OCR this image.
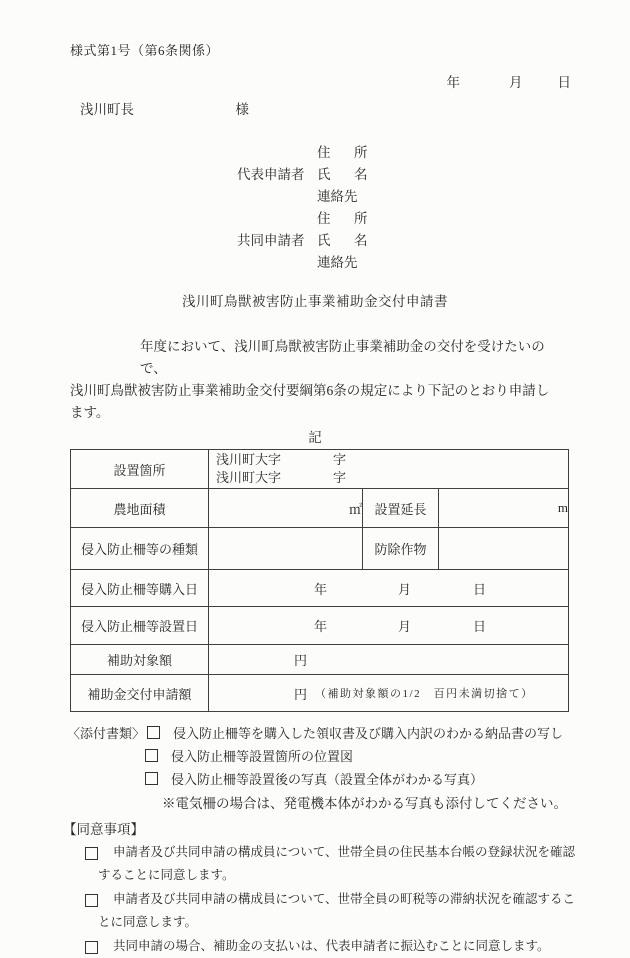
様式第1号（第6条関係）
年	月	日
浅川町長	様
住　所
代表申請者 氏　名
連絡先
住　所
共同申請者 氏　名
連絡先
浅川町鳥獣被害防止事業補助金交付申請書
年度において、浅川町鳥獣被害防止事業補助金の交付を受けたいので、
浅川町鳥獣被害防止事業補助金交付要綱第6条の規定により下記のとおり申請し
ます。
記
設置箇所	浅川町大字　　　　字
浅川町大字　　　　字		

農地面積	㎡	設置延長	m
侵入防止柵等の種類		防除作物	
侵入防止柵等購入日	年 月 日		

侵入防止柵等設置日	年 月 日		

補助対象額	円		

補助金交付申請額	円 （補助対象額の1/2　百円未満切捨て）		
〈添付書類〉 侵入防止柵等を購入した領収書及び購入内訳のわかる納品書の写し
侵入防止柵等設置箇所の位置図
侵入防止柵等設置後の写真（設置全体がわかる写真）
※電気柵の場合は、発電機本体がわかる写真も添付してください。
【同意事項】
申請者及び共同申請の構成員について、世帯全員の住民基本台帳の登録状況を確認することに同意します。
申請者及び共同申請の構成員について、世帯全員の町税等の滞納状況を確認することに同意します。
共同申請の場合、補助金の支払いは、代表申請者に振込むことに同意します。
